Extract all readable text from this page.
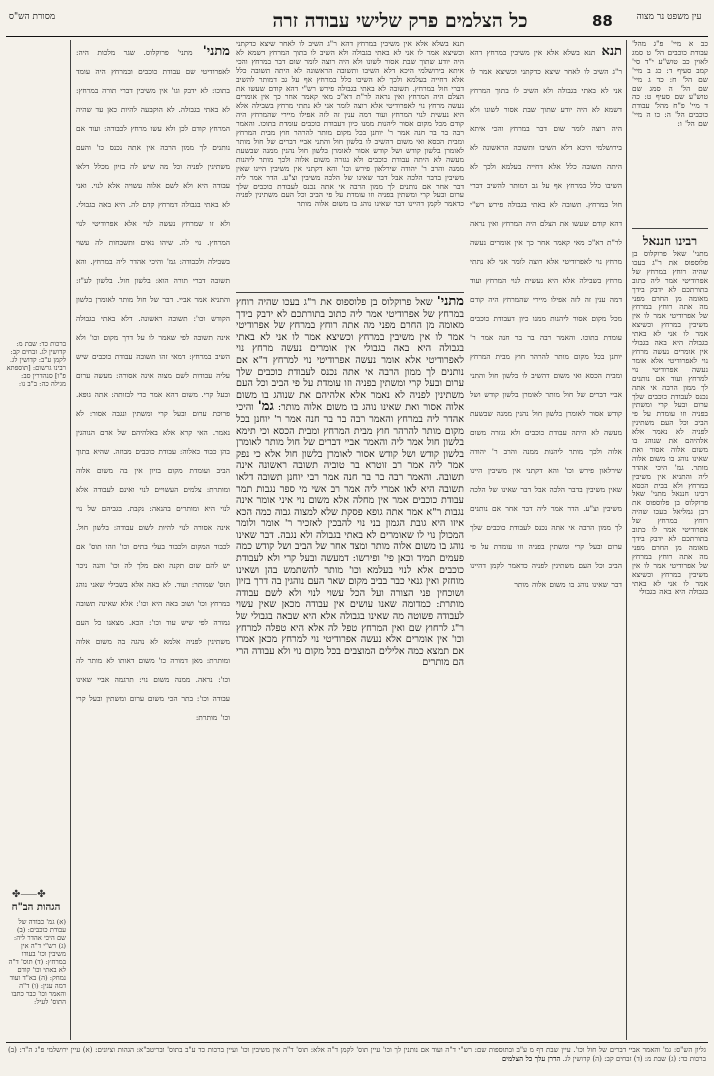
מסורת הש"ס	כל הצלמים פרק שלישי עבודה זרה	88	עין משפט נר מצוה
כב א מיי' פ"ג מהל' עבודת כוכבים הל' ט סמג לאוין כב טוש"ע י"ד סי' קמב סעיף ד: כג ב מיי' שם הל' ח: כד ג מיי' שם הל' ה סמג שם טוש"ע שם סעיף ט: כה ד מיי' פ"ח מהל' עבודת כוכבים הל' ה: כו ה מיי' שם הל' ו:
רבינו חננאל
מתני' שאל פרוקלוס בן פלוספוס את ר"ג בעכו שהיה רוחץ במרחץ של אפרודיטי אמר ליה כתוב בתורתכם לא ידבק בידך מאומה מן החרם מפני מה אתה רוחץ במרחץ של אפרודיטי אמר לו אין משיבין במרחץ וכשיצא אמר לו אני לא באתי בגבולה היא באה בגבולי אין אומרים נעשה מרחץ נוי לאפרודיטי אלא אומר נעשה אפרודיטי נוי למרחץ ועוד אם נותנים לך ממון הרבה אי אתה נכנס לעבודת כוכבים שלך ערום ובעל קרי ומשתין בפניה וזו עומדת על פי הביב וכל העם משתינין לפניה לא נאמר אלא אלהיהם את שנוהג בו משום אלוה אסור ואת שאינו נוהג בו משום אלוה מותר. גמ' היכי אהדר ליה והתניא אין משיבין במרחץ ולא בבית הכסא רבינו חננאל מתני' שאל פרוקלוס בן פלוספוס את רבן גמליאל בעכו שהיה רוחץ במרחץ של אפרודיטי אמר לו כתוב בתורתכם לא ידבק בידך מאומה מן החרם מפני מה אתה רוחץ במרחץ של אפרודיטי אמר לו אין משיבין במרחץ וכשיצא אמר לו אני לא באתי בגבולה היא באה בגבולי
תנא תנא בשלא אלא אין משיבין במרחץ דהא ר"ג השיב לו לאחר שיצא כדקתני וכשיצא אמר לו אני לא באתי בגבולה ולא השיב לו בתוך המרחץ דשמא לא היה יודע שתוך שבת אסור לשונו ולא היה רוצה לומר שום דבר במרחץ והכי איתא בירושלמי היכא דלא השיבו ותשובה הראשונה לא היתה תשובה כלל אלא דחייה בעלמא ולכך לא השיבו כלל במרחץ אף על גב דמותר להשיב דברי חול במרחץ. תשובה לא באתי בגבולה פירש רש"י דהא קודם שעשו את הצלם היה המרחץ ואין נראה לר"ת דא"כ מאי קאמר אחר כך אין אומרים נעשה מרחץ נוי לאפרודיטי אלא רוצה לומר אני לא נתתי מרחץ בשבילה אלא היא נעשית לנוי המרחץ ועוד דמה ענין זה לזה אפילו מיירי שהמרחץ היה קודם מכל מקום אסור ליהנות ממנו כיון דעבודת כוכבים עומדת בתוכו. והאמר רבה בר בר חנה אמר ר' יוחנן בכל מקום מותר להרהר חוץ מבית המרחץ ומבית הכסא ואי משום דהשיב לו בלשון חול והתני אביי דברים של חול מותר לאומרן בלשון קודש ושל קודש אסור לאומרן בלשון חול נהנין ממנה שבשעת מעשה לא היתה עבודת כוכבים ולא נגזרה משום אלוה ולכך מותר ליהנות ממנה והרב ר' יהודה שירלאון פירש וכו' והא דקתני אין משיבין היינו שאין משיבין בדבר הלכה אבל דבר שאינו של הלכה משיבין וצ"ע. הדר אמר ליה דבר אחר אם נותנים לך ממון הרבה אי אתה נכנס לעבודת כוכבים שלך ערום ובעל קרי ומשתין בפניה וזו עומדת על פי הביב וכל העם משתינין לפניה כדאמר לקמן דהיינו דבר שאינו נוהג בו משום אלוה מותר
מתני' שאל פרוקלוס בן פלוספוס את ר"ג בעכו שהיה רוחץ במרחץ של אפרודיטי אמר ליה כתוב בתורתכם לא ידבק בידך מאומה מן החרם מפני מה אתה רוחץ במרחץ של אפרודיטי אמר לו אין משיבין במרחץ וכשיצא אמר לו אני לא באתי בגבולה היא באה בגבולי אין אומרים נעשה מרחץ נוי לאפרודיטי אלא אומר נעשה אפרודיטי נוי למרחץ ד"א אם נותנים לך ממון הרבה אי אתה נכנס לעבודת כוכבים שלך ערום ובעל קרי ומשתין בפניה וזו עומדת על פי הביב וכל העם משתינין לפניה לא נאמר אלא אלהיהם את שנוהג בו משום אלוה אסור ואת שאינו נוהג בו משום אלוה מותר: גמ' והיכי אהדר ליה במרחץ והאמר רבה בר בר חנה אמר ר' יוחנן בכל מקום מותר להרהר חוץ מבית המרחץ ומבית הכסא וכי תימא בלשון חול אמר ליה והאמר אביי דברים של חול מותר לאומרן בלשון קודש ושל קודש אסור לאומרן בלשון חול אלא כי נפק אמר ליה אמר רב זוטרא בר טוביה תשובה ראשונה אינה תשובה. והאמר רבה בר בר חנה אמר רבי יוחנן תשובה דלאו תשובה היא לאו אמרי ליה אמר רב אשי מי ספר נגבות תמר עבודת כוכבים אמר אין מחלה אלא משום נוי איני אומר אינה נגבות ר"א אמר אתה גופא פסקת שלא למצוה גבוה כמה הכא איזו היא גובת הגמון בני נוי להבכין לאזכיר ר' אומר ולומר המכולן נוי לו שאומרים לא באתי בגבולה ולא נגבה. דבר שאינו נוהג בו משום אלוה מותר ומצד אחר של הביב ושל קודש כמה פעמים תמיד וכאן פי' ופירשו: דמעשה ובעל קרי ולא לעבודת כוכבים אלא לנוי בעלמא וכו' מותר להשתמש בהן ושאינו מוחזק ואין גנאי כבר בביב מקום שאר העם נוהגין בה דרך בזיון ושוכחין פני הצורה ועל הכל עשוי לנוי ולא לשם עבודה מותרת: כמדומה שאנו עושים אין עבודה מכאן שאין עשוי לעבודה פשוטה מה שאינו בגבולה אלא היא שבאה בגבולי של ר"ג לרחוץ שם ואין המרחץ טפל לה אלא היא טפלה למרחץ וכו' אין אומרים אלא נעשה אפרודיטי נוי למרחץ מכאן אמרו אם תמצא כמה אלילים המוצבים בכל מקום נוי ולא עבודה הרי הם מותרים
מתני' מתני' פרוקלוס. שגר מלכות היה: לאפרודיטי שם עבודת כוכבים ובמרחץ היה עומד בתוכו: לא ידבק וגו' אין משיבין דברי תורה במרחץ: לא באתי בגבולה. לא הוקבעה להיות כאן עד שהיה המרחץ קודם לכן ולא עשו מרחץ לכבודה: ועוד אם נותנים לך ממון הרבה אין אתה נכנס כו' והעם משתינין לפניה וכל מה שיש לה בזיון מכלל דלאו עבודה היא ולא לשם אלוה עשויה אלא לנוי. ואני לא באתי בגבולה דמרחץ קדם לה. היא באה בגבולי. ולא זו שמרחץ נעשה לנוי אלא אפרודיטי לנוי המרחץ. נוי לה. שיהו נאים ותשבחות לה עשוי בשבילה ולכבודה: גמ' והיכי אהדר ליה במרחץ. והא תשובה דברי תורה הוא: בלשון חול. בלשון לע"ז: והתניא אמר אביי. דבר של חול מותר לאומרן בלשון הקודש וכו': תשובה ראשונה. דלא באתי בגבולה אינה תשובה לפי שאמר לו על דרך מקום וכו' ולא השיב במרחץ: דמאי זהו תשובה עבודת כוכבים שיש עליה עבודות לשם מצוה אינה אסורה: מעשה ערום ובעל קרי. משום דהא אמר כדי לבזותה: אתה גופא. פרוכת ערום ובעל קרי ומשתין ונגבה אסור: לא נאמר. האי קרא אלא באלהיהם של אדם הנוהגין בהן כבוד כאלוה: עבודת כוכבים מבוזה. שהיא בתוך הביב ועומדת מקום בזיון אין בה משום אלוה ומותרת: צלמים העשויים לנוי ואינם לעבודה אלא לנוי היא ומותרים בהנאה: נקבת. בגביהם של נוי אינה אסורה לנוי להיות לשום עבודה: בלשון חול. לכבוד המקום ולכבוד בעלי בתים וכו' וזהו תוס' אם יש להם שום תקנה ואם מלך לה וכו' והנה ניכר תוס' שמותר: ועוד. לא באה אלא בשבילי שאני נוהג במרחץ וכו' ושוב באה היא וכו': אלא שאינה תשובה גמורה לפי שיש עוד וכו': הכא. מצאנו כל העם משתינין לפניה אלמא לא נהגה בה משום אלוה ומותרת: מאן דמורה כו' משום דאותו לא מותר לה וכו': נראה. ממנה משום נוי: תרגמה אביי שאינו עבודה וכו': בתר הכי משום ערום ומשתין ובעל קרי וכו' מותרת:
תנא בשלא אלא אין משיבין במרחץ דהא ר"ג השיב לו לאחר שיצא כדקתני וכשיצא אמר לו אני לא באתי בגבולה ולא השיב לו בתוך המרחץ דשמא לא היה יודע שתוך שבת אסור לשונו ולא היה רוצה לומר שום דבר במרחץ והכי איתא בירושלמי היכא דלא השיבו ותשובה הראשונה לא היתה תשובה כלל אלא דחייה בעלמא ולכך לא השיבו כלל במרחץ אף על גב דמותר להשיב דברי חול במרחץ. תשובה לא באתי בגבולה פירש רש"י דהא קודם שעשו את הצלם היה המרחץ ואין נראה לר"ת דא"כ מאי קאמר אחר כך אין אומרים נעשה מרחץ נוי לאפרודיטי אלא רוצה לומר אני לא נתתי מרחץ בשבילה אלא היא נעשית לנוי המרחץ ועוד דמה ענין זה לזה אפילו מיירי שהמרחץ היה קודם מכל מקום אסור ליהנות ממנו כיון דעבודת כוכבים עומדת בתוכו. והאמר רבה בר בר חנה אמר ר' יוחנן בכל מקום מותר להרהר חוץ מבית המרחץ ומבית הכסא ואי משום דהשיב לו בלשון חול והתני אביי דברים של חול מותר לאומרן בלשון קודש ושל קודש אסור לאומרן בלשון חול נהנין ממנה שבשעת מעשה לא היתה עבודת כוכבים ולא נגזרה משום אלוה ולכך מותר ליהנות ממנה והרב ר' יהודה שירלאון פירש וכו' והא דקתני אין משיבין היינו שאין משיבין בדבר הלכה אבל דבר שאינו של הלכה משיבין וצ"ע. הדר אמר ליה דבר אחר אם נותנים לך ממון הרבה אי אתה נכנס לעבודת כוכבים שלך ערום ובעל קרי ומשתין בפניה וזו עומדת על פי הביב וכל העם משתינין לפניה כדאמר לקמן דהיינו דבר שאינו נוהג בו משום אלוה מותר
ברכות כד: שבת מ: קדושין לג. זבחים קב: לקמן ע"ב: קדושין לג. רבינו גרשום: [תוספתא פ"ו] סנהדרין סב: מגילה כה: ב"ב נו:
✤⸺✤
הגהות הב"ח
(א) גמ' כבודה של עבודת כוכבים: (ב) שם היכי אהדר ליה: (ג) רש"י ד"ה אין משיבין וכו' בעודו במרחץ: (ד) תוס' ד"ה לא באתי וכו' קודם נמחק: (ה) בא"ד ועוד דמה ענין: (ו) ד"ה והאמר וכו' כבר כתבו התוס' לעיל:
גליון הש"ס: גמ' והאמר אביי דברים של חול וכו'. עיין שבת דף מ ע"ב ובתוספות שם: רש"י ד"ה ועוד אם נותנין לך וכו' עיין תוס' לקמן ד"ה אלא: תוס' ד"ה אין משיבין וכו' ועיין ברכות כד ע"ב בתוס' ובריטב"א: הגהות וציונים: (א) עיין ירושלמי פ"ג ה"ד: (ב) ברכות כד: (ג) שבת מ: (ד) זבחים קב: (ה) קדושין לג. הדרן עלך כל הצלמים
